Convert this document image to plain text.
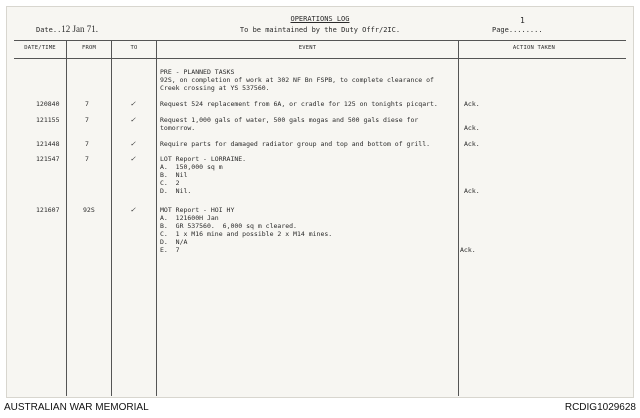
Date..12 Jan 71.
OPERATIONS LOG
To be maintained by the Duty Offr/2IC.
1
Page........
DATE/TIME	FROM	TO	EVENT	ACTION TAKEN
PRE - PLANNED TASKS
92S, on completion of work at 302 NF Bn FSPB, to complete clearance of
Creek crossing at YS 537560.
120840	7	✓	Request 524 replacement from 6A, or cradle for 125 on tonights picqart.	Ack.
121155	7	✓	Request 1,000 gals of water, 500 gals mogas and 500 gals diese for
tomorrow.	Ack.
121448	7	✓	Require parts for damaged radiator group and top and bottom of grill.	Ack.
121547	7	✓	LOT Report - LORRAINE.
A.  150,000 sq m
B.  Nil
C.  2
D.  Nil.	Ack.
121607	92S	✓	MOT Report - HOI HY
A.  121600H Jan
B.  GR 537560.  6,000 sq m cleared.
C.  1 x M16 mine and possible 2 x M14 mines.
D.  N/A
E.  7	Ack.
AUSTRALIAN WAR MEMORIAL	RCDIG1029628
